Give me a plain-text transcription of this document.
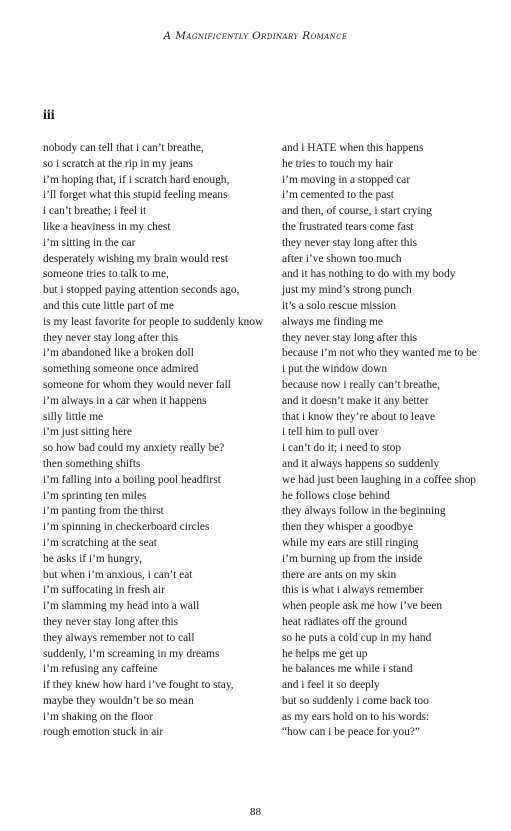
A Magnificently Ordinary Romance
iii
nobody can tell that i can’t breathe,
so i scratch at the rip in my jeans
i’m hoping that, if i scratch hard enough,
i’ll forget what this stupid feeling means
i can’t breathe; i feel it
like a heaviness in my chest
i’m sitting in the car
desperately wishing my brain would rest
someone tries to talk to me,
but i stopped paying attention seconds ago,
and this cute little part of me
is my least favorite for people to suddenly know
they never stay long after this
i’m abandoned like a broken doll
something someone once admired
someone for whom they would never fall
i’m always in a car when it happens
silly little me
i’m just sitting here
so how bad could my anxiety really be?
then something shifts
i’m falling into a boiling pool headfirst
i’m sprinting ten miles
i’m panting from the thirst
i’m spinning in checkerboard circles
i’m scratching at the seat
he asks if i’m hungry,
but when i’m anxious, i can’t eat
i’m suffocating in fresh air
i’m slamming my head into a wall
they never stay long after this
they always remember not to call
suddenly, i’m screaming in my dreams
i’m refusing any caffeine
if they knew how hard i’ve fought to stay,
maybe they wouldn’t be so mean
i’m shaking on the floor
rough emotion stuck in air
and i HATE when this happens
he tries to touch my hair
i’m moving in a stopped car
i’m cemented to the past
and then, of course, i start crying
the frustrated tears come fast
they never stay long after this
after i’ve shown too much
and it has nothing to do with my body
just my mind’s strong punch
it’s a solo rescue mission
always me finding me
they never stay long after this
because i’m not who they wanted me to be
i put the window down
because now i really can’t breathe,
and it doesn’t make it any better
that i know they’re about to leave
i tell him to pull over
i can’t do it; i need to stop
and it always happens so suddenly
we had just been laughing in a coffee shop
he follows close behind
they always follow in the beginning
then they whisper a goodbye
while my ears are still ringing
i’m burning up from the inside
there are ants on my skin
this is what i always remember
when people ask me how i’ve been
heat radiates off the ground
so he puts a cold cup in my hand
he helps me get up
he balances me while i stand
and i feel it so deeply
but so suddenly i come back too
as my ears hold on to his words:
“how can i be peace for you?”
88
